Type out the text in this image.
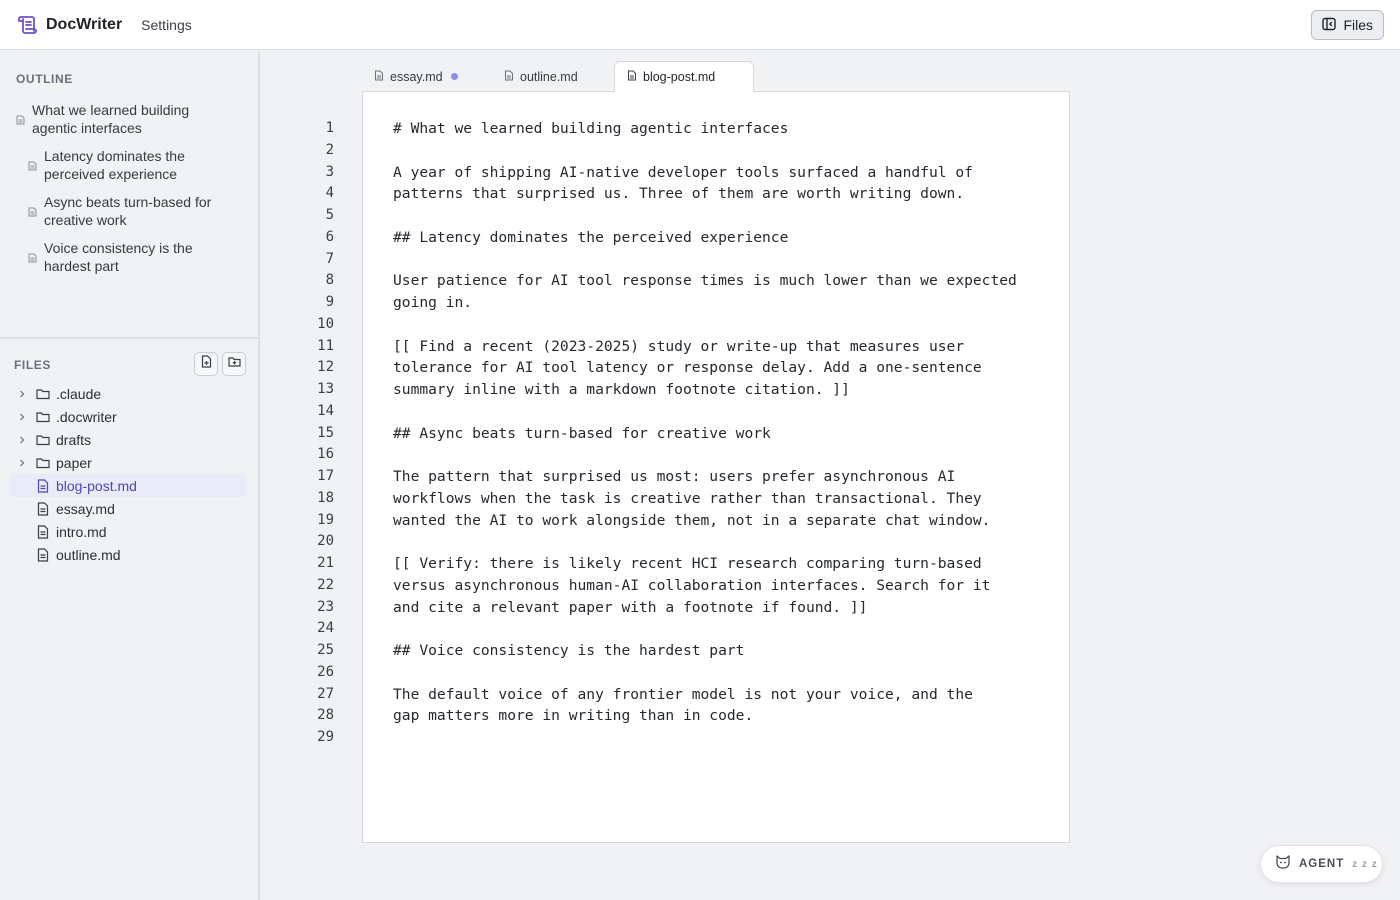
DocWriter Settings	Files
OUTLINE
What we learned building agentic interfaces
Latency dominates the perceived experience
Async beats turn-based for creative work
Voice consistency is the hardest part
FILES
.claude
.docwriter
drafts
paper
blog-post.md
essay.md
intro.md
outline.md
essay.md	outline.md	blog-post.md
1
2
3
4
5
6
7
8
9
10
11
12
13
14
15
16
17
18
19
20
21
22
23
24
25
26
27
28
29
# What we learned building agentic interfaces
A year of shipping AI-native developer tools surfaced a handful of
patterns that surprised us. Three of them are worth writing down.
## Latency dominates the perceived experience
User patience for AI tool response times is much lower than we expected
going in.
[[ Find a recent (2023-2025) study or write-up that measures user
tolerance for AI tool latency or response delay. Add a one-sentence
summary inline with a markdown footnote citation. ]]
## Async beats turn-based for creative work
The pattern that surprised us most: users prefer asynchronous AI
workflows when the task is creative rather than transactional. They
wanted the AI to work alongside them, not in a separate chat window.
[[ Verify: there is likely recent HCI research comparing turn-based
versus asynchronous human-AI collaboration interfaces. Search for it
and cite a relevant paper with a footnote if found. ]]
## Voice consistency is the hardest part
The default voice of any frontier model is not your voice, and the
gap matters more in writing than in code.
AGENT z z z
